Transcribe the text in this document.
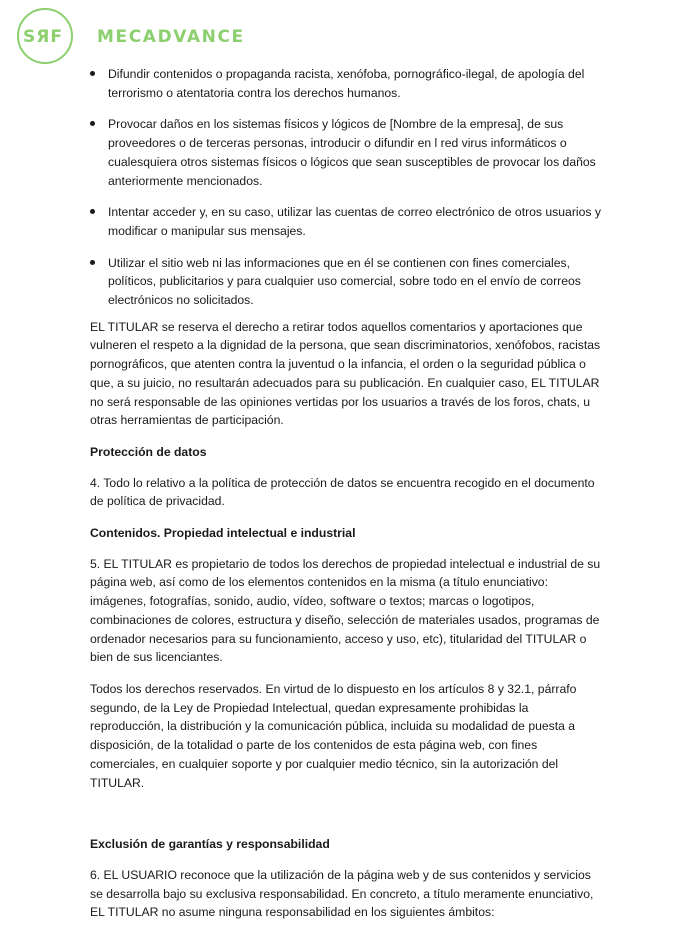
SЯF	MECADVANCE
Difundir contenidos o propaganda racista, xenófoba, pornográfico-ilegal, de apología del terrorismo o atentatoria contra los derechos humanos.
Provocar daños en los sistemas físicos y lógicos de [Nombre de la empresa], de sus proveedores o de terceras personas, introducir o difundir en l red virus informáticos o cualesquiera otros sistemas físicos o lógicos que sean susceptibles de provocar los daños anteriormente mencionados.
Intentar acceder y, en su caso, utilizar las cuentas de correo electrónico de otros usuarios y modificar o manipular sus mensajes.
Utilizar el sitio web ni las informaciones que en él se contienen con fines comerciales, políticos, publicitarios y para cualquier uso comercial, sobre todo en el envío de correos electrónicos no solicitados.

EL TITULAR se reserva el derecho a retirar todos aquellos comentarios y aportaciones que vulneren el respeto a la dignidad de la persona, que sean discriminatorios, xenófobos, racistas pornográficos, que atenten contra la juventud o la infancia, el orden o la seguridad pública o que, a su juicio, no resultarán adecuados para su publicación. En cualquier caso, EL TITULAR no será responsable de las opiniones vertidas por los usuarios a través de los foros, chats, u otras herramientas de participación.

Protección de datos

4. Todo lo relativo a la política de protección de datos se encuentra recogido en el documento de política de privacidad.

Contenidos. Propiedad intelectual e industrial

5. EL TITULAR es propietario de todos los derechos de propiedad intelectual e industrial de su página web, así como de los elementos contenidos en la misma (a título enunciativo: imágenes, fotografías, sonido, audio, vídeo, software o textos; marcas o logotipos, combinaciones de colores, estructura y diseño, selección de materiales usados, programas de ordenador necesarios para su funcionamiento, acceso y uso, etc), titularidad del TITULAR o bien de sus licenciantes.

Todos los derechos reservados. En virtud de lo dispuesto en los artículos 8 y 32.1, párrafo segundo, de la Ley de Propiedad Intelectual, quedan expresamente prohibidas la reproducción, la distribución y la comunicación pública, incluida su modalidad de puesta a disposición, de la totalidad o parte de los contenidos de esta página web, con fines comerciales, en cualquier soporte y por cualquier medio técnico, sin la autorización del TITULAR.

Exclusión de garantías y responsabilidad

6. EL USUARIO reconoce que la utilización de la página web y de sus contenidos y servicios se desarrolla bajo su exclusiva responsabilidad. En concreto, a título meramente enunciativo, EL TITULAR no asume ninguna responsabilidad en los siguientes ámbitos:
